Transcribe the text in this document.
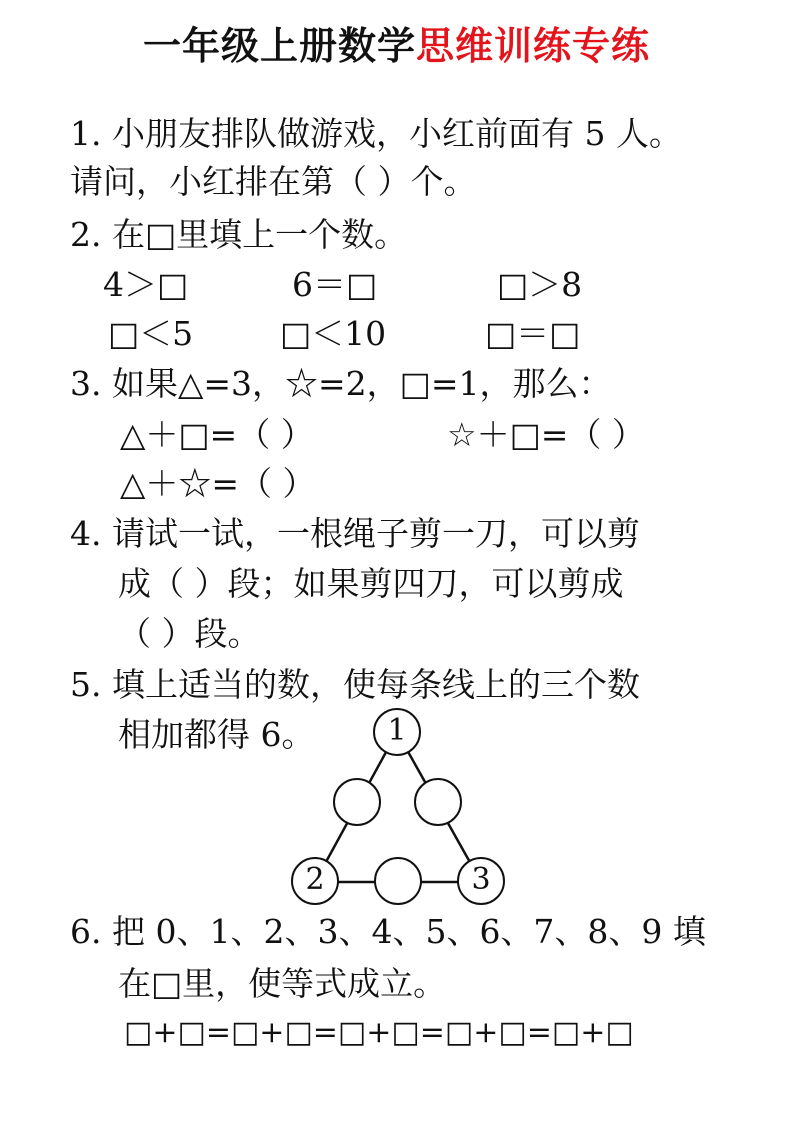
一年级上册数学思维训练专练
1. 小朋友排队做游戏，小红前面有 5 人。
请问，小红排在第（ ）个。
2. 在□里填上一个数。
4＞□	6＝□	□＞8
□＜5	□＜10	□＝□
3. 如果△=3，☆=2，□=1，那么：
△＋□=（ ）	☆＋□=（ ）
△＋☆=（ ）
4. 请试一试，一根绳子剪一刀，可以剪
成（ ）段；如果剪四刀，可以剪成
（ ）段。
5. 填上适当的数，使每条线上的三个数
相加都得 6。	1
2	3
6. 把 0、1、2、3、4、5、6、7、8、9 填
在□里，使等式成立。
□+□=□+□=□+□=□+□=□+□
